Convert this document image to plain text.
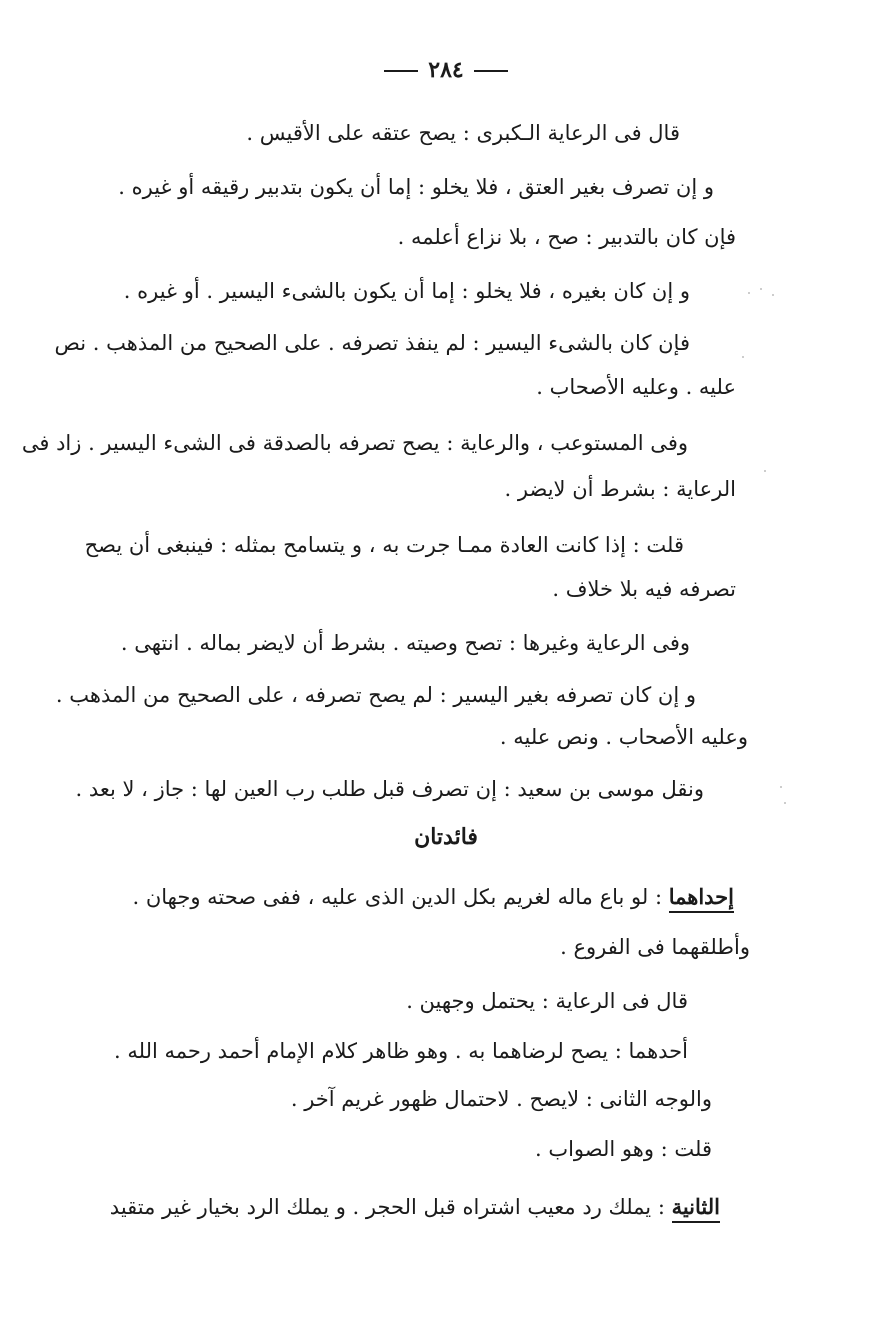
٢٨٤
قال فى الرعاية الـكبرى : يصح عتقه على الأقيس .
و إن تصرف بغير العتق ، فلا يخلو : إما أن يكون بتدبير رقيقه أو غيره .
فإن كان بالتدبير : صح ، بلا نزاع أعلمه .
و إن كان بغيره ، فلا يخلو : إما أن يكون بالشىء اليسير . أو غيره .
فإن كان بالشىء اليسير : لم ينفذ تصرفه . على الصحيح من المذهب . نص
عليه . وعليه الأصحاب .
وفى المستوعب ، والرعاية : يصح تصرفه بالصدقة فى الشىء اليسير . زاد فى
الرعاية : بشرط أن لايضر .
قلت : إذا كانت العادة ممـا جرت به ، و يتسامح بمثله : فينبغى أن يصح
تصرفه فيه بلا خلاف .
وفى الرعاية وغيرها : تصح وصيته . بشرط أن لايضر بماله . انتهى .
و إن كان تصرفه بغير اليسير : لم يصح تصرفه ، على الصحيح من المذهب .
وعليه الأصحاب . ونص عليه .
ونقل موسى بن سعيد : إن تصرف قبل طلب رب العين لها : جاز ، لا بعد .
فائدتان
إحداهما : لو باع ماله لغريم بكل الدين الذى عليه ، ففى صحته وجهان .
وأطلقهما فى الفروع .
قال فى الرعاية : يحتمل وجهين .
أحدهما : يصح لرضاهما به . وهو ظاهر كلام الإمام أحمد رحمه الله .
والوجه الثانى : لايصح . لاحتمال ظهور غريم آخر .
قلت : وهو الصواب .
الثانية : يملك رد معيب اشتراه قبل الحجر . و يملك الرد بخيار غير متقيد
